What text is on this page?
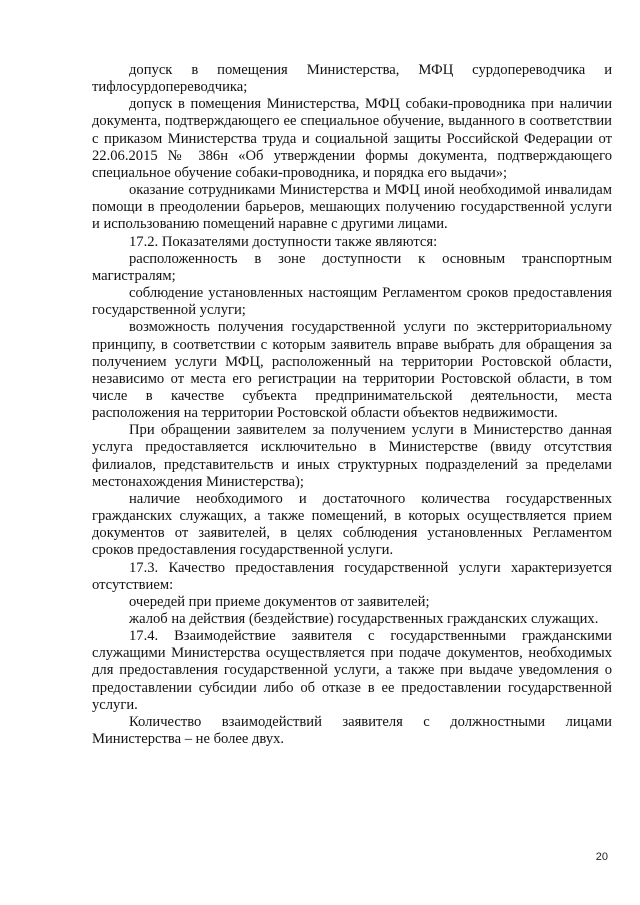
допуск в помещения Министерства, МФЦ сурдопереводчика и тифлосурдопереводчика;

допуск в помещения Министерства, МФЦ собаки-проводника при наличии документа, подтверждающего ее специальное обучение, выданного в соответствии с приказом Министерства труда и социальной защиты Российской Федерации от 22.06.2015 № 386н «Об утверждении формы документа, подтверждающего специальное обучение собаки-проводника, и порядка его выдачи»;

оказание сотрудниками Министерства и МФЦ иной необходимой инвалидам помощи в преодолении барьеров, мешающих получению государственной услуги и использованию помещений наравне с другими лицами.

17.2. Показателями доступности также являются:

расположенность в зоне доступности к основным транспортным магистралям;

соблюдение установленных настоящим Регламентом сроков предоставления государственной услуги;

возможность получения государственной услуги по экстерриториальному принципу, в соответствии с которым заявитель вправе выбрать для обращения за получением услуги МФЦ, расположенный на территории Ростовской области, независимо от места его регистрации на территории Ростовской области, в том числе в качестве субъекта предпринимательской деятельности, места расположения на территории Ростовской области объектов недвижимости.

При обращении заявителем за получением услуги в Министерство данная услуга предоставляется исключительно в Министерстве (ввиду отсутствия филиалов, представительств и иных структурных подразделений за пределами местонахождения Министерства);

наличие необходимого и достаточного количества государственных гражданских служащих, а также помещений, в которых осуществляется прием документов от заявителей, в целях соблюдения установленных Регламентом сроков предоставления государственной услуги.

17.3. Качество предоставления государственной услуги характеризуется отсутствием:

очередей при приеме документов от заявителей;

жалоб на действия (бездействие) государственных гражданских служащих.

17.4. Взаимодействие заявителя с государственными гражданскими служащими Министерства осуществляется при подаче документов, необходимых для предоставления государственной услуги, а также при выдаче уведомления о предоставлении субсидии либо об отказе в ее предоставлении государственной услуги.

Количество взаимодействий заявителя с должностными лицами Министерства – не более двух.

20
